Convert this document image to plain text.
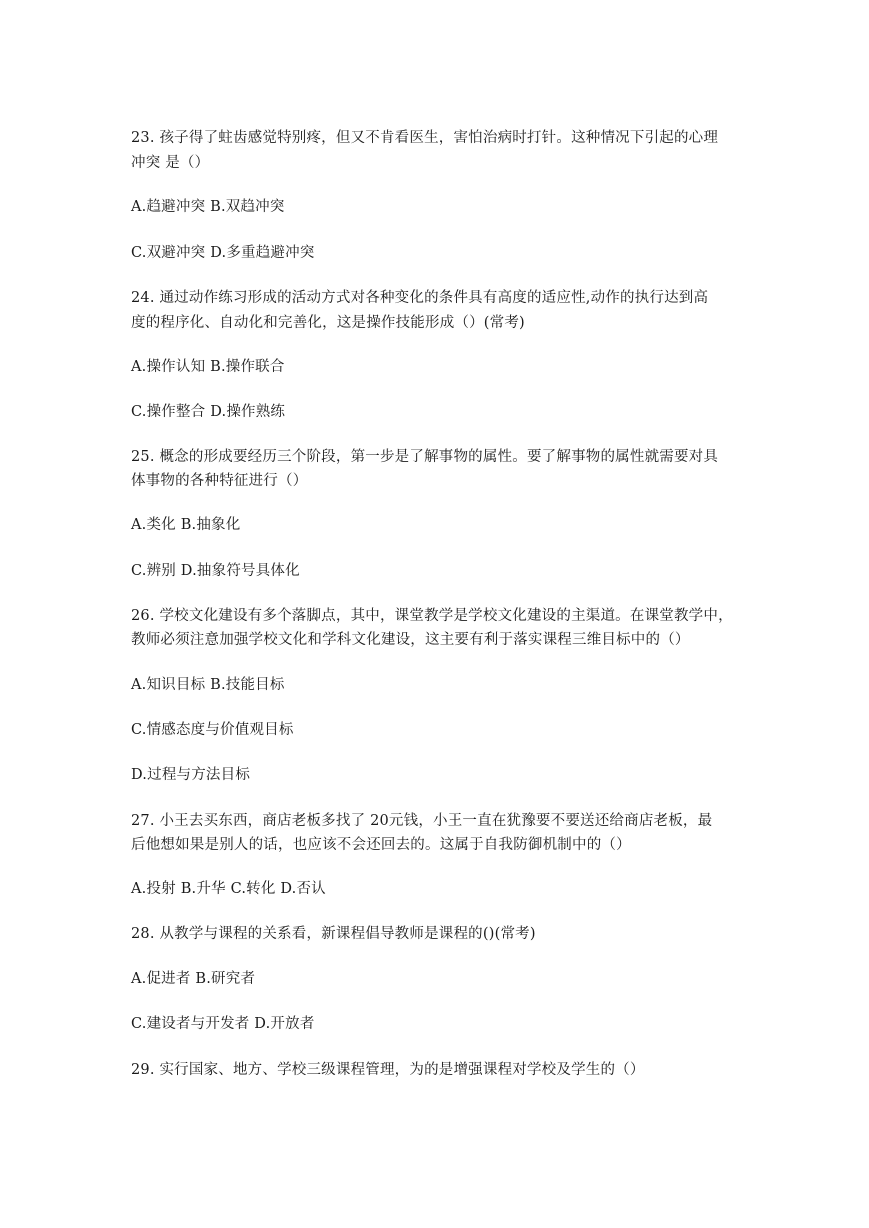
23. 孩子得了蛀齿感觉特别疼，但又不肯看医生，害怕治病时打针。这种情况下引起的心理
冲突 是（）
A.趋避冲突 B.双趋冲突
C.双避冲突 D.多重趋避冲突
24. 通过动作练习形成的活动方式对各种变化的条件具有高度的适应性,动作的执行达到高
度的程序化、自动化和完善化，这是操作技能形成（）(常考)
A.操作认知 B.操作联合
C.操作整合 D.操作熟练
25. 概念的形成要经历三个阶段，第一步是了解事物的属性。要了解事物的属性就需要对具
体事物的各种特征进行（）
A.类化 B.抽象化
C.辨别 D.抽象符号具体化
26. 学校文化建设有多个落脚点，其中，课堂教学是学校文化建设的主渠道。在课堂教学中，
教师必须注意加强学校文化和学科文化建设，这主要有利于落实课程三维目标中的（）
A.知识目标 B.技能目标
C.情感态度与价值观目标
D.过程与方法目标
27. 小王去买东西，商店老板多找了 20元钱，小王一直在犹豫要不要送还给商店老板，最
后他想如果是别人的话，也应该不会还回去的。这属于自我防御机制中的（）
A.投射 B.升华 C.转化 D.否认
28. 从教学与课程的关系看，新课程倡导教师是课程的()(常考)
A.促进者 B.研究者
C.建设者与开发者 D.开放者
29. 实行国家、地方、学校三级课程管理，为的是增强课程对学校及学生的（）
